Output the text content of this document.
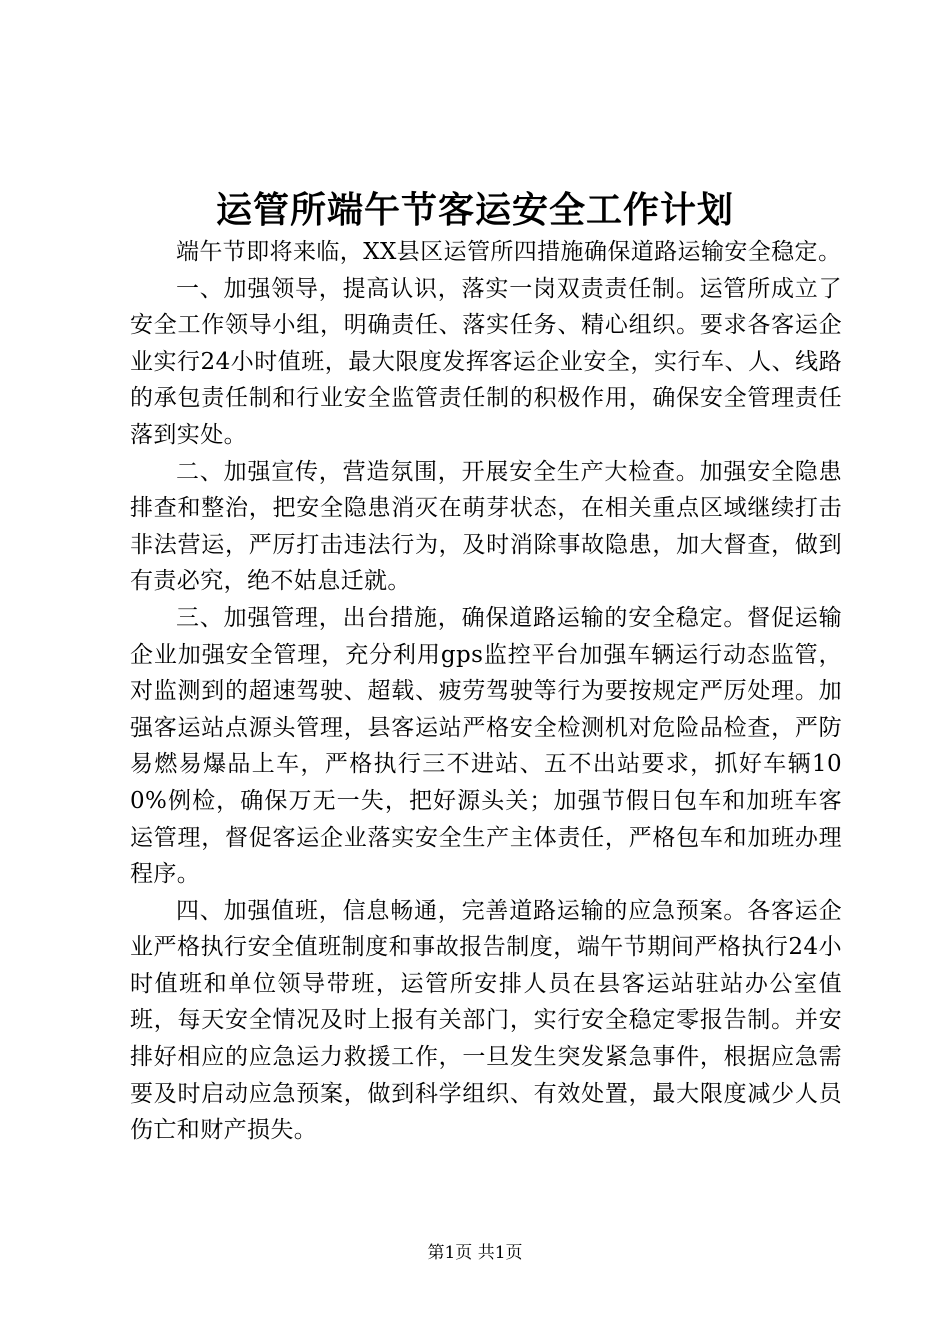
运管所端午节客运安全工作计划

端午节即将来临，XX县区运管所四措施确保道路运输安全稳定。

一、加强领导，提高认识，落实一岗双责责任制。运管所成立了安全工作领导小组，明确责任、落实任务、精心组织。要求各客运企业实行24小时值班，最大限度发挥客运企业安全，实行车、人、线路的承包责任制和行业安全监管责任制的积极作用，确保安全管理责任落到实处。

二、加强宣传，营造氛围，开展安全生产大检查。加强安全隐患排查和整治，把安全隐患消灭在萌芽状态，在相关重点区域继续打击非法营运，严厉打击违法行为，及时消除事故隐患，加大督查，做到有责必究，绝不姑息迁就。

三、加强管理，出台措施，确保道路运输的安全稳定。督促运输企业加强安全管理，充分利用gps监控平台加强车辆运行动态监管，对监测到的超速驾驶、超载、疲劳驾驶等行为要按规定严厉处理。加强客运站点源头管理，县客运站严格安全检测机对危险品检查，严防易燃易爆品上车，严格执行三不进站、五不出站要求，抓好车辆100%例检，确保万无一失，把好源头关；加强节假日包车和加班车客运管理，督促客运企业落实安全生产主体责任，严格包车和加班办理程序。

四、加强值班，信息畅通，完善道路运输的应急预案。各客运企业严格执行安全值班制度和事故报告制度，端午节期间严格执行24小时值班和单位领导带班，运管所安排人员在县客运站驻站办公室值班，每天安全情况及时上报有关部门，实行安全稳定零报告制。并安排好相应的应急运力救援工作，一旦发生突发紧急事件，根据应急需要及时启动应急预案，做到科学组织、有效处置，最大限度减少人员伤亡和财产损失。

第1页 共1页
